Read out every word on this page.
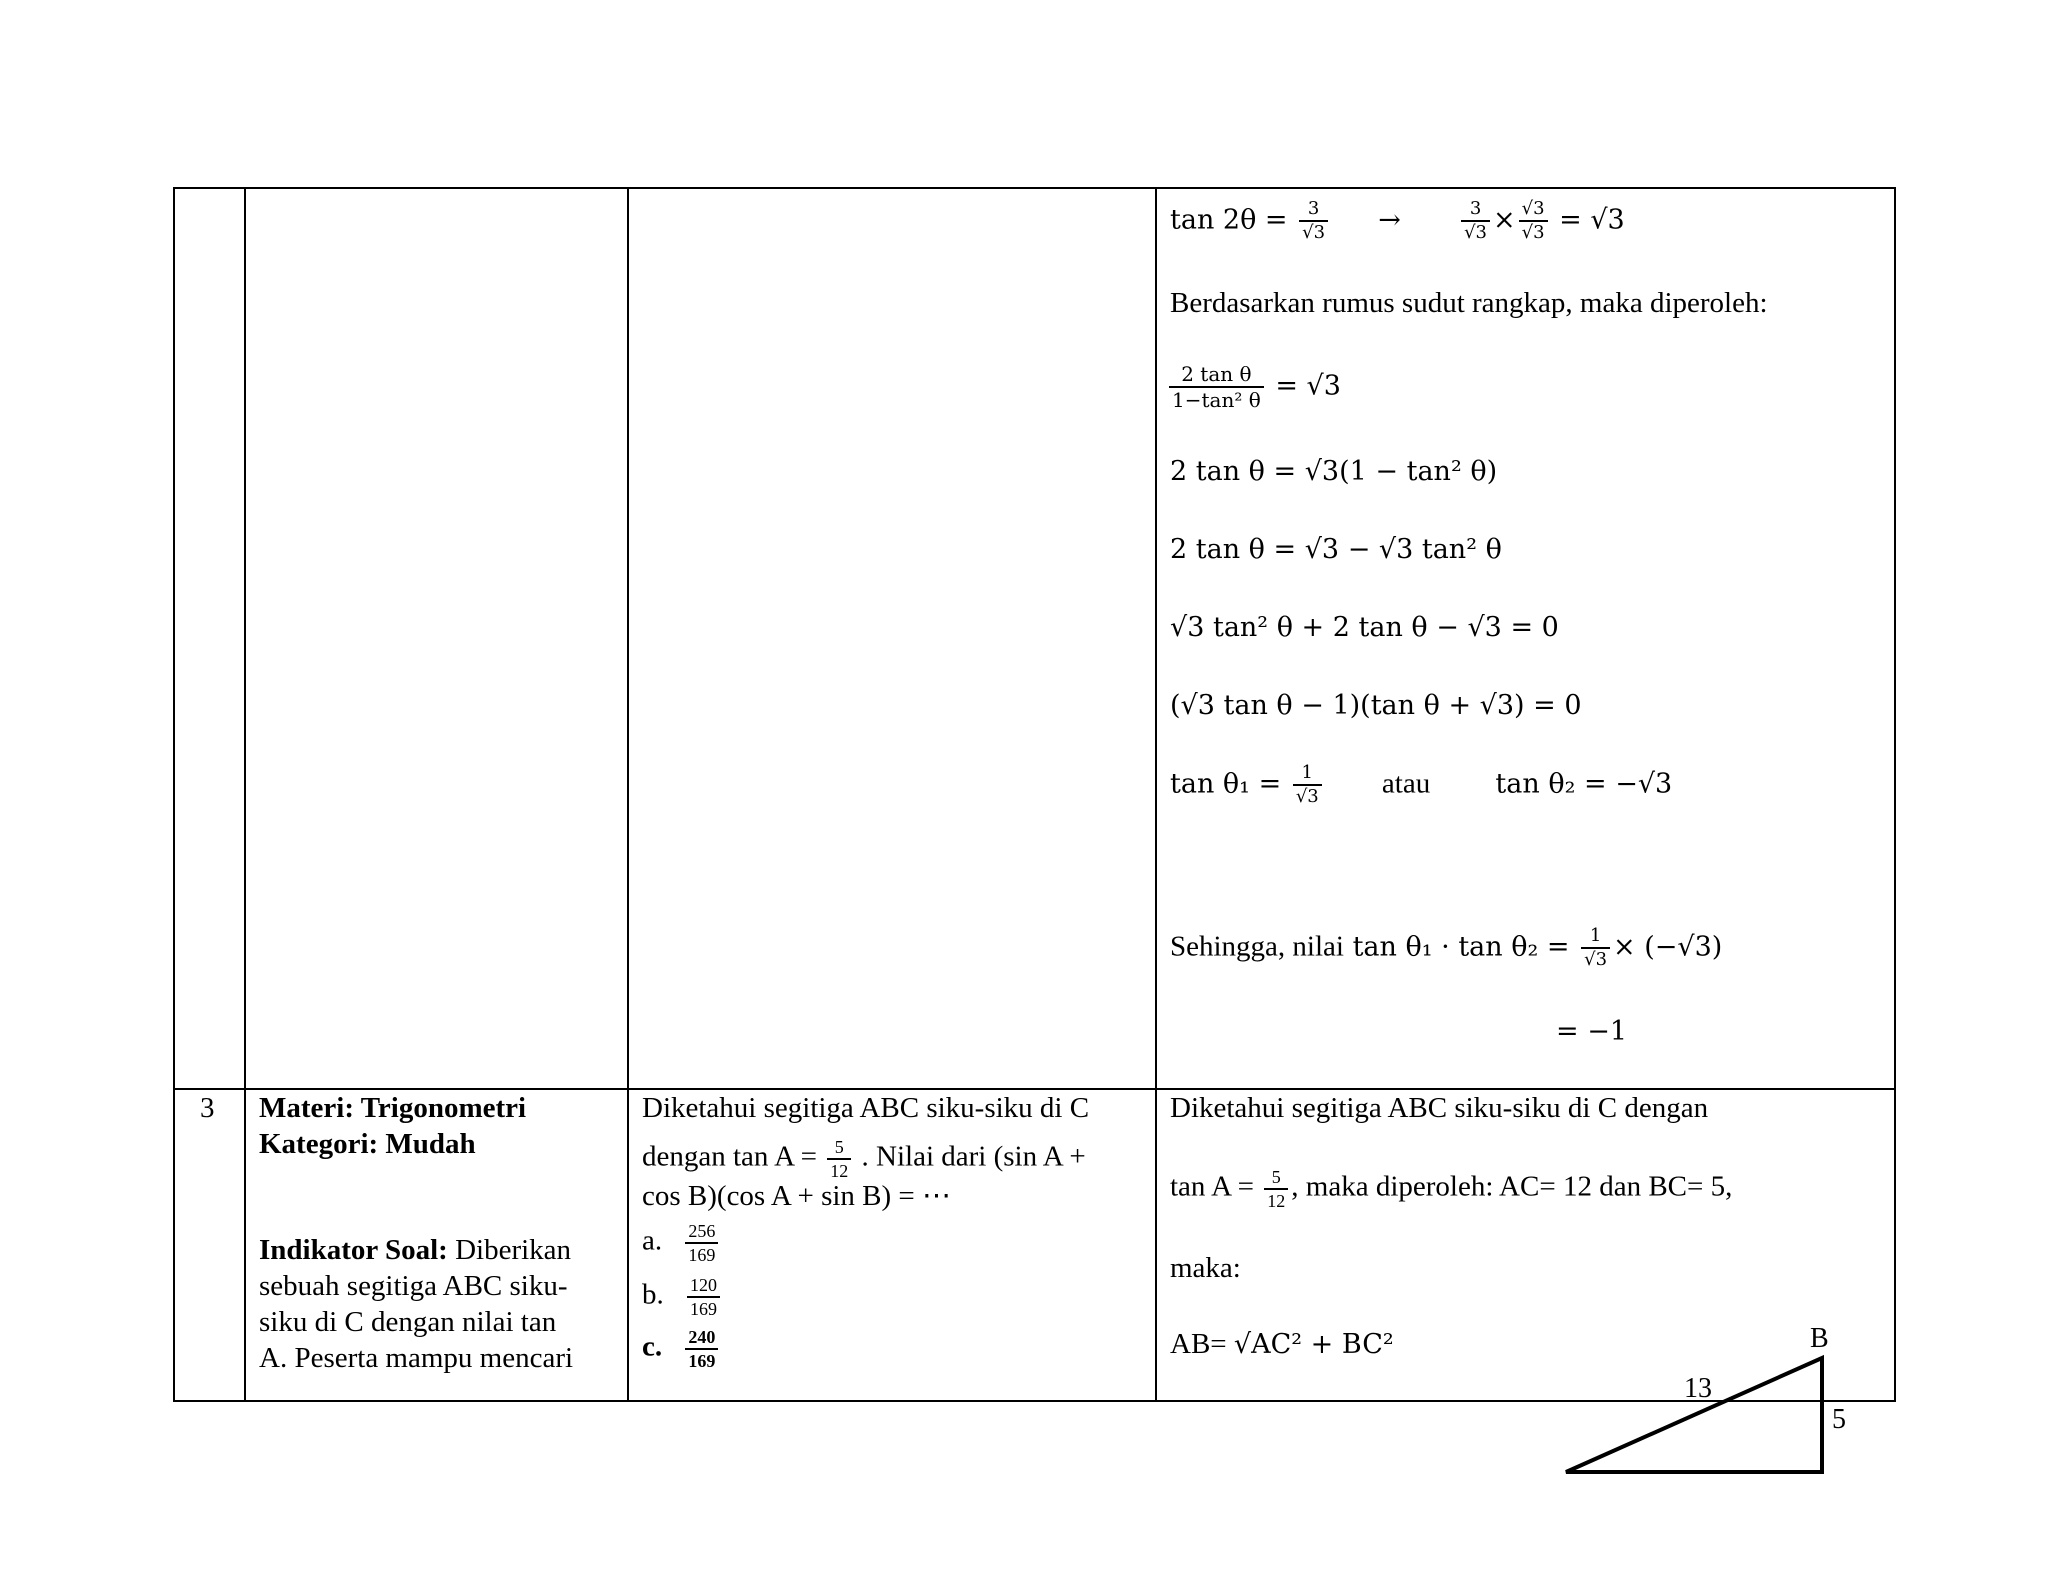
$\tan 2\theta = \frac{3}{√3}$ →	$\frac{3}{√3} \times \frac{√3}{√3} = √3$
Berdasarkan rumus sudut rangkap, maka diperoleh:
$\frac{\text{2 tan θ}}{\text{1−tan² θ}} = √3$
2 tan θ = √3(1 − tan² θ)
2 tan θ = √3 − √3 tan² θ
√3 tan² θ + 2 tan θ − √3 = 0
(√3 tan θ − 1)(tan θ + √3) = 0
$\tan \theta_1 = \frac{1}{√3}$ atau tan θ₂ = −√3
Sehingga, nilai $\tan \theta_1 \cdot \tan \theta_2 = \frac{1}{√3} \times (-√3)$
= −1
3 Materi: Trigonometri
Kategori: Mudah
Indikator Soal: Diberikan
sebuah segitiga ABC siku-
siku di C dengan nilai tan
A. Peserta mampu mencari
Diketahui segitiga ABC siku-siku di C
dengan $\tan A = \frac{5}{12}$ . Nilai dari (sin A +
cos B)(cos A + sin B) = ⋯
a. $\frac{256}{169}$
b. $\frac{120}{169}$
c. $\frac{240}{169}$
Diketahui segitiga ABC siku-siku di C dengan
$\tan A = \frac{5}{12}$ , maka diperoleh: AC= 12 dan BC= 5,
maka:
AB= √AC² + BC²	B
13
5
